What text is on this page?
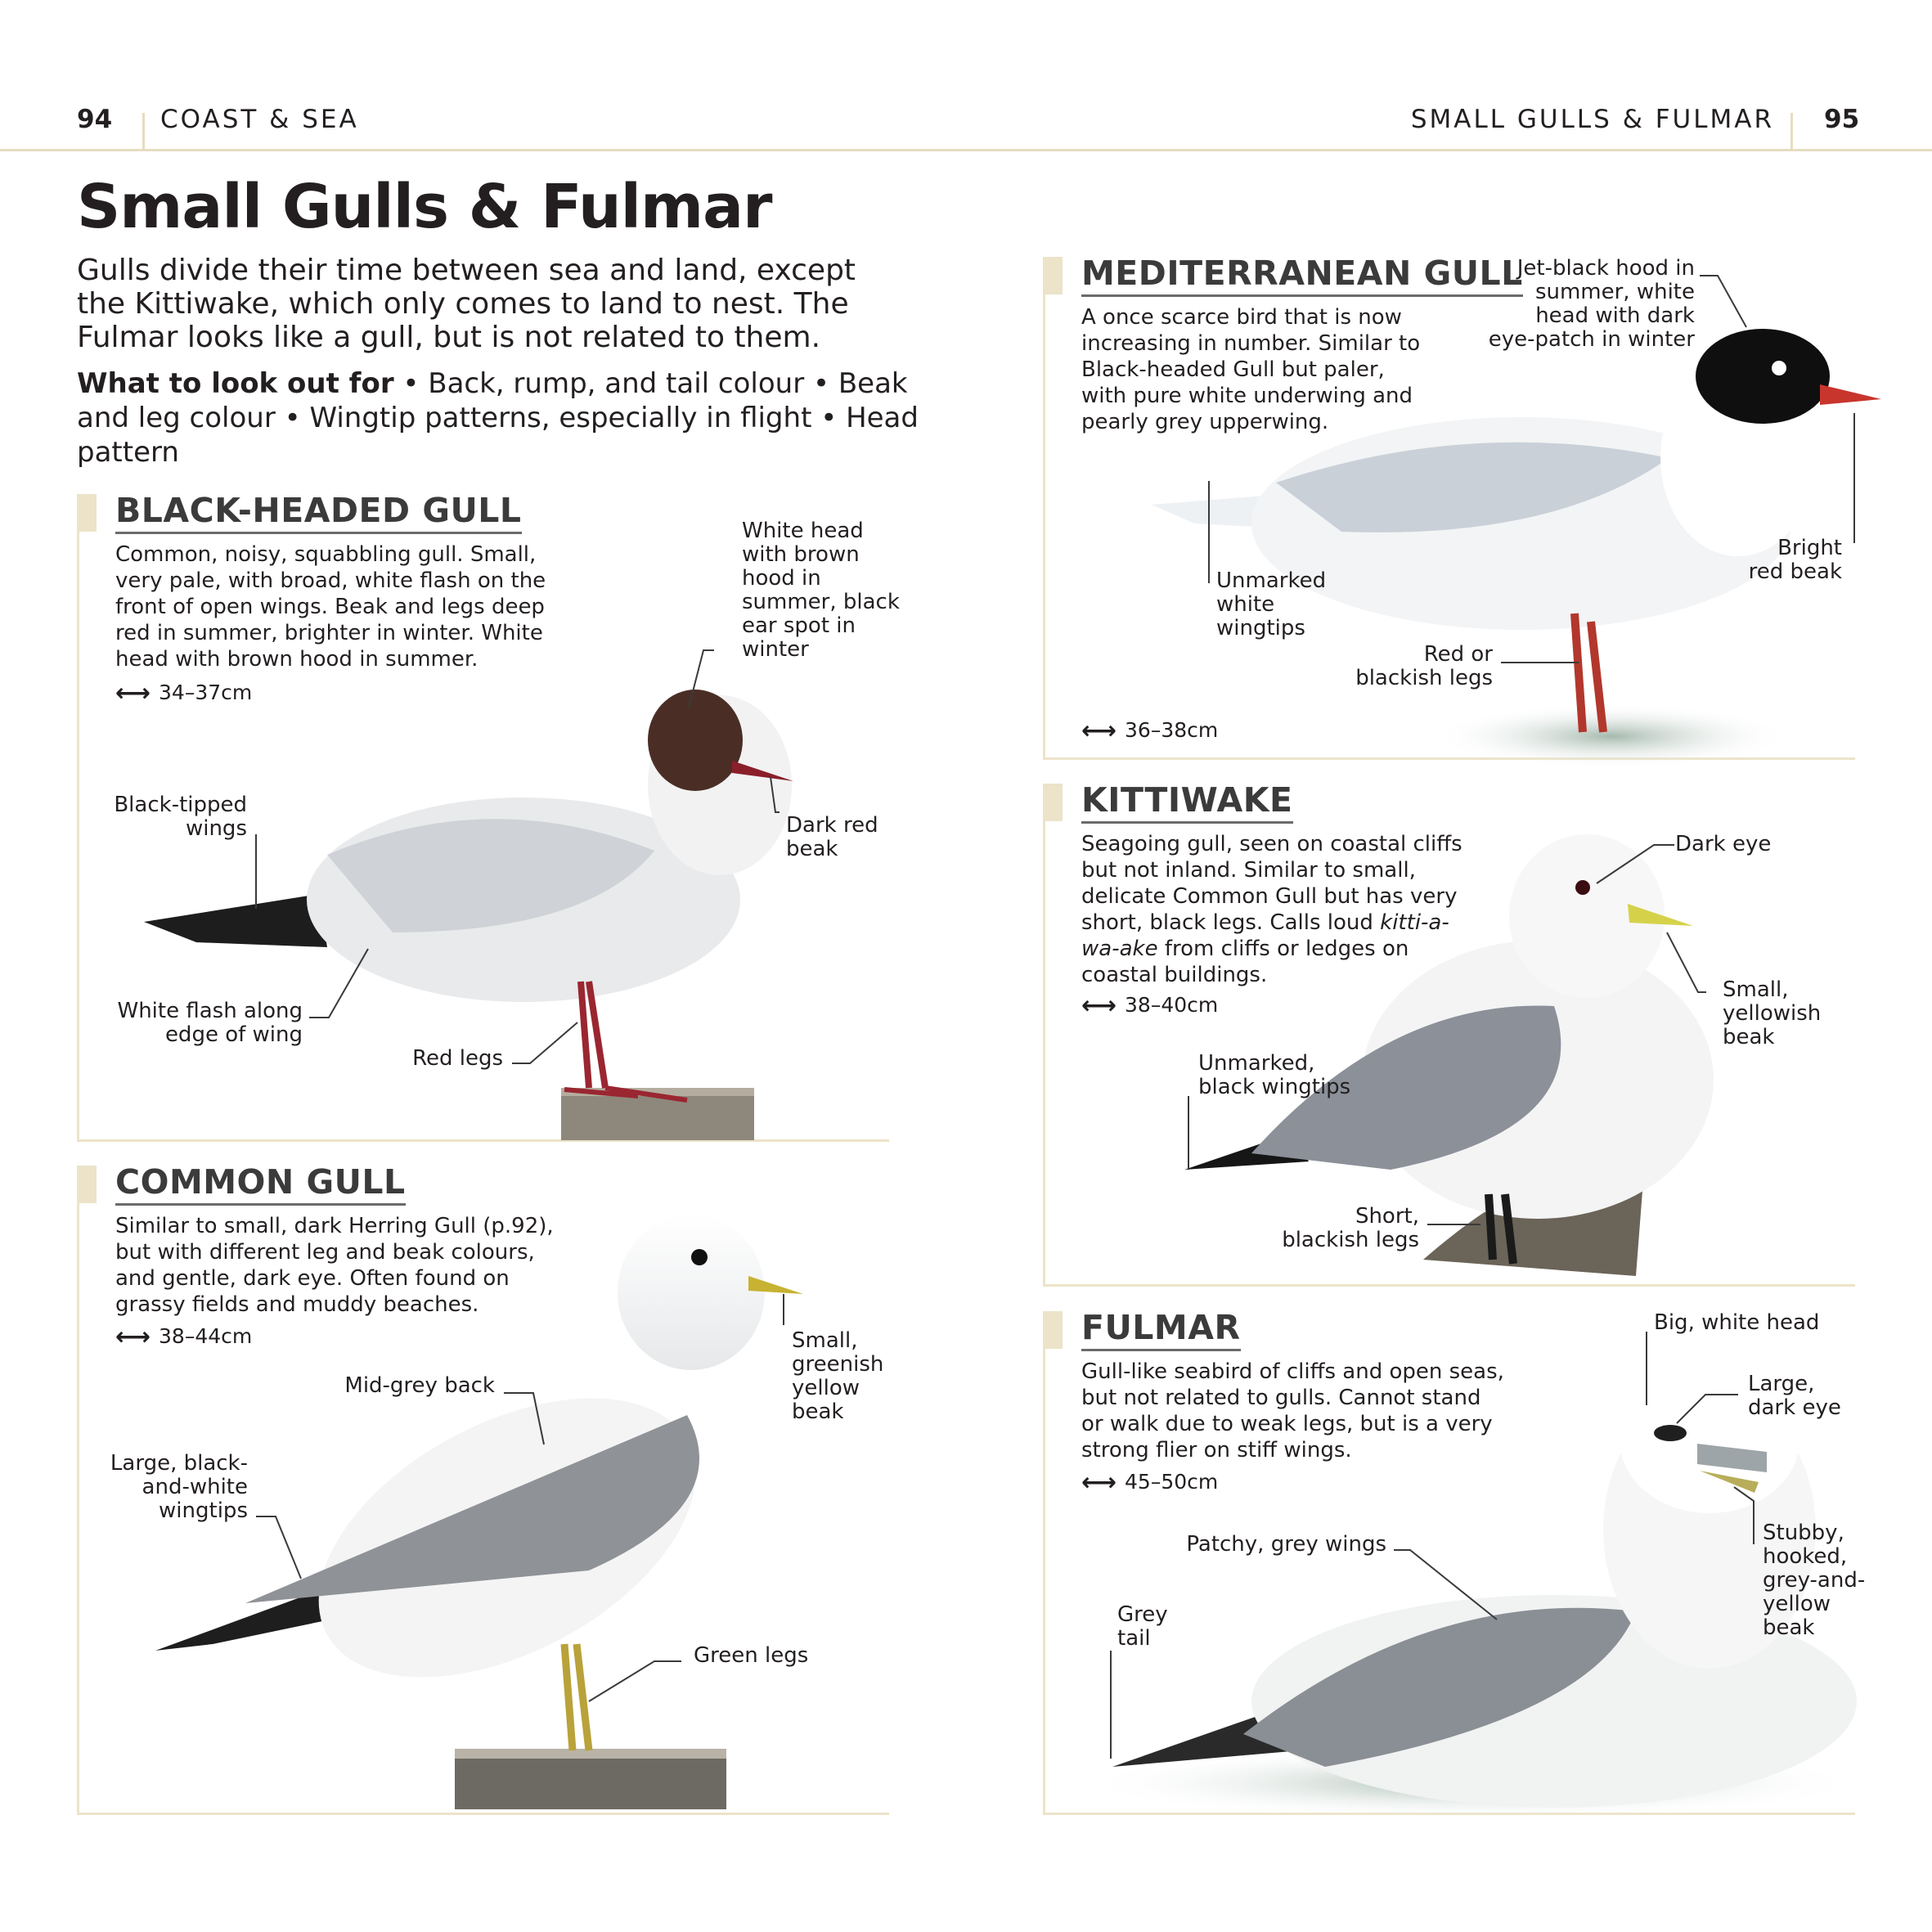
94 COAST & SEA	SMALL GULLS & FULMAR 95
Small Gulls & Fulmar

Gulls divide their time between sea and land, except the Kittiwake, which only comes to land to nest. The Fulmar looks like a gull, but is not related to them.

What to look out for • Back, rump, and tail colour • Beak and leg colour • Wingtip patterns, especially in flight • Head pattern

BLACK-HEADED GULL

Common, noisy, squabbling gull. Small, very pale, with broad, white flash on the front of open wings. Beak and legs deep red in summer, brighter in winter. White head with brown hood in summer.

⟷ 34–37cm
COMMON GULL

Similar to small, dark Herring Gull (p.92), but with different leg and beak colours, and gentle, dark eye. Often found on grassy fields and muddy beaches.

⟷ 38–44cm
MEDITERRANEAN GULL

A once scarce bird that is now increasing in number. Similar to Black-headed Gull but paler, with pure white underwing and pearly grey upperwing.

⟷ 36–38cm
KITTIWAKE

Seagoing gull, seen on coastal cliffs but not inland. Similar to small, delicate Common Gull but has very short, black legs. Calls loud kitti-a-wa-ake from cliffs or ledges on coastal buildings.

⟷ 38–40cm
FULMAR

Gull-like seabird of cliffs and open seas, but not related to gulls. Cannot stand or walk due to weak legs, but is a very strong flier on stiff wings.

⟷ 45–50cm
White head
with brown
hood in
summer, black
ear spot in
winter
Black-tipped
wings	Dark red
beak
White flash along
edge of wing
Red legs
Small,
greenish
yellow
beak
Mid-grey back
Large, black-
and-white
wingtips
Green legs
Jet-black hood in
summer, white
head with dark
eye-patch in winter
Bright
red beak
Unmarked
white
wingtips
Red or
blackish legs
Dark eye
Small,
yellowish
beak
Unmarked,
black wingtips
Short,
blackish legs
Big, white head
Large,
dark eye
Patchy, grey wings
Grey
tail
Stubby,
hooked,
grey-and-
yellow
beak
